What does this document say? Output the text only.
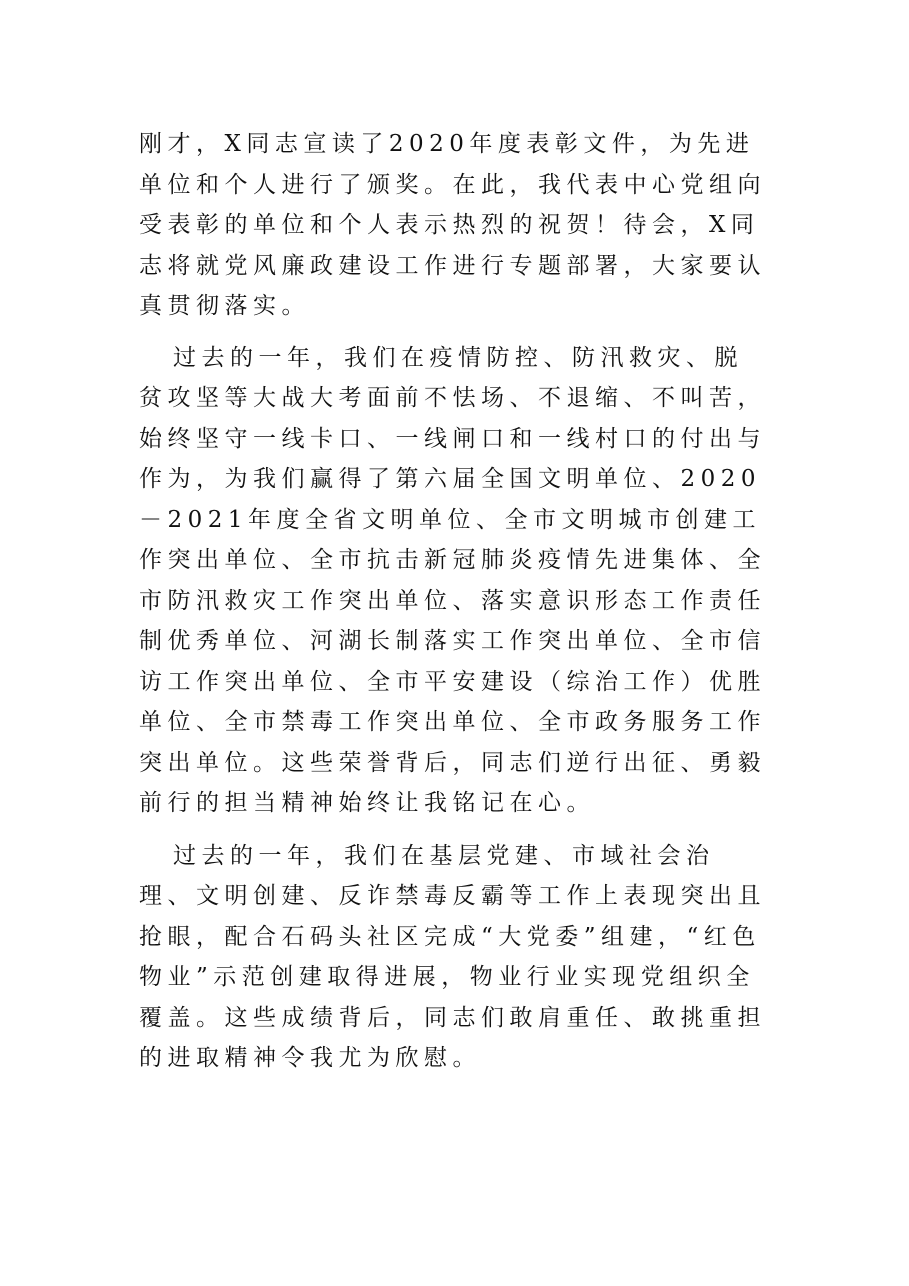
刚才，X同志宣读了2020年度表彰文件，为先进单位和个人进行了颁奖。在此，我代表中心党组向受表彰的单位和个人表示热烈的祝贺！待会，X同志将就党风廉政建设工作进行专题部署，大家要认真贯彻落实。

过去的一年，我们在疫情防控、防汛救灾、脱贫攻坚等大战大考面前不怯场、不退缩、不叫苦，始终坚守一线卡口、一线闸口和一线村口的付出与作为，为我们赢得了第六届全国文明单位、2020－2021年度全省文明单位、全市文明城市创建工作突出单位、全市抗击新冠肺炎疫情先进集体、全市防汛救灾工作突出单位、落实意识形态工作责任制优秀单位、河湖长制落实工作突出单位、全市信访工作突出单位、全市平安建设（综治工作）优胜单位、全市禁毒工作突出单位、全市政务服务工作突出单位。这些荣誉背后，同志们逆行出征、勇毅前行的担当精神始终让我铭记在心。

过去的一年，我们在基层党建、市域社会治理、文明创建、反诈禁毒反霸等工作上表现突出且抢眼，配合石码头社区完成“大党委”组建，“红色物业”示范创建取得进展，物业行业实现党组织全覆盖。这些成绩背后，同志们敢肩重任、敢挑重担的进取精神令我尤为欣慰。
